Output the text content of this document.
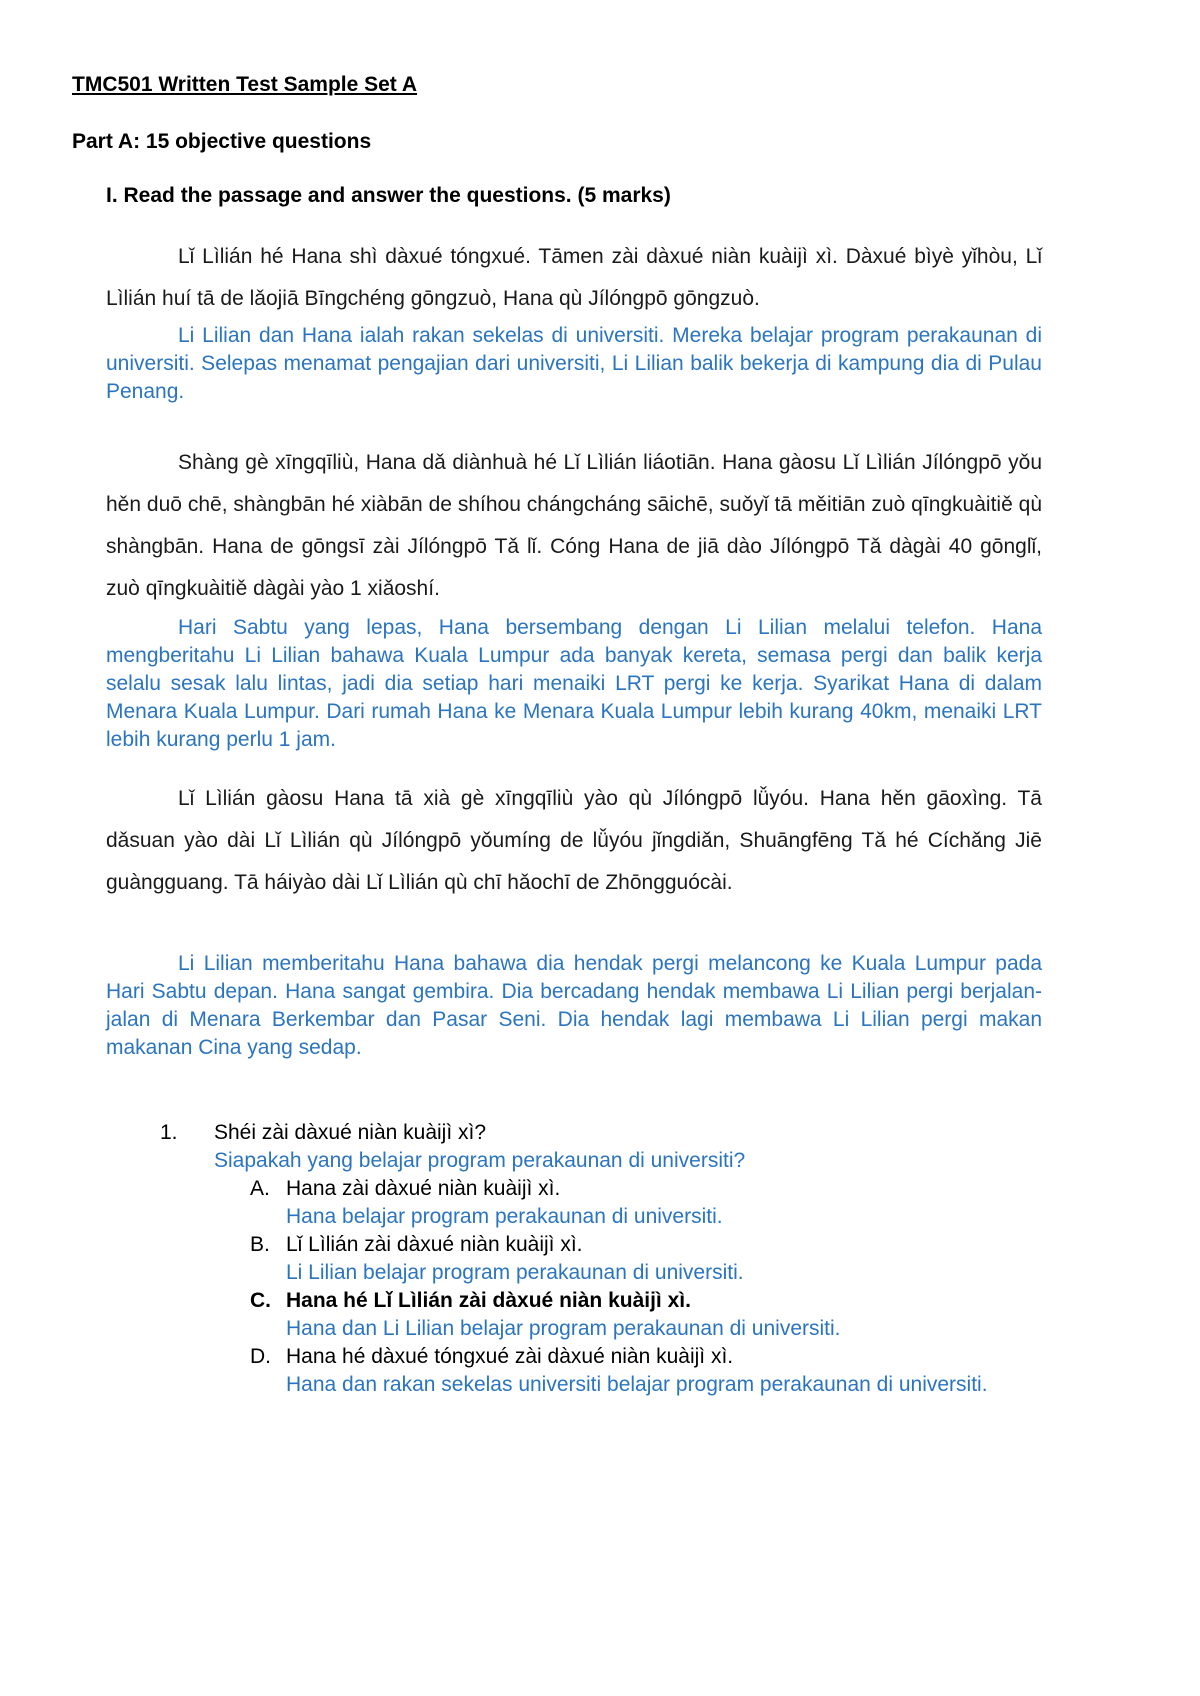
TMC501 Written Test Sample Set A
Part A: 15 objective questions
I. Read the passage and answer the questions. (5 marks)

Lǐ Lìlián hé Hana shì dàxué tóngxué. Tāmen zài dàxué niàn kuàijì xì. Dàxué bìyè yǐhòu, Lǐ Lìlián huí tā de lǎojiā Bīngchéng gōngzuò, Hana qù Jílóngpō gōngzuò.

Li Lilian dan Hana ialah rakan sekelas di universiti. Mereka belajar program perakaunan di universiti. Selepas menamat pengajian dari universiti, Li Lilian balik bekerja di kampung dia di Pulau Penang.

Shàng gè xīngqīliù, Hana dǎ diànhuà hé Lǐ Lìlián liáotiān. Hana gàosu Lǐ Lìlián Jílóngpō yǒu hěn duō chē, shàngbān hé xiàbān de shíhou chángcháng sāichē, suǒyǐ tā měitiān zuò qīngkuàitiě qù shàngbān. Hana de gōngsī zài Jílóngpō Tǎ lǐ. Cóng Hana de jiā dào Jílóngpō Tǎ dàgài 40 gōnglǐ, zuò qīngkuàitiě dàgài yào 1 xiǎoshí.

Hari Sabtu yang lepas, Hana bersembang dengan Li Lilian melalui telefon. Hana mengberitahu Li Lilian bahawa Kuala Lumpur ada banyak kereta, semasa pergi dan balik kerja selalu sesak lalu lintas, jadi dia setiap hari menaiki LRT pergi ke kerja. Syarikat Hana di dalam Menara Kuala Lumpur. Dari rumah Hana ke Menara Kuala Lumpur lebih kurang 40km, menaiki LRT lebih kurang perlu 1 jam.

Lǐ Lìlián gàosu Hana tā xià gè xīngqīliù yào qù Jílóngpō lǚyóu. Hana hěn gāoxìng. Tā dǎsuan yào dài Lǐ Lìlián qù Jílóngpō yǒumíng de lǚyóu jǐngdiǎn, Shuāngfēng Tǎ hé Cíchǎng Jiē guàngguang. Tā háiyào dài Lǐ Lìlián qù chī hǎochī de Zhōngguócài.

Li Lilian memberitahu Hana bahawa dia hendak pergi melancong ke Kuala Lumpur pada Hari Sabtu depan. Hana sangat gembira. Dia bercadang hendak membawa Li Lilian pergi berjalan-jalan di Menara Berkembar dan Pasar Seni. Dia hendak lagi membawa Li Lilian pergi makan makanan Cina yang sedap.

1. Shéi zài dàxué niàn kuàijì xì?
Siapakah yang belajar program perakaunan di universiti?
A. Hana zài dàxué niàn kuàijì xì.
Hana belajar program perakaunan di universiti.
B. Lǐ Lìlián zài dàxué niàn kuàijì xì.
Li Lilian belajar program perakaunan di universiti.
C. Hana hé Lǐ Lìlián zài dàxué niàn kuàijì xì.
Hana dan Li Lilian belajar program perakaunan di universiti.
D. Hana hé dàxué tóngxué zài dàxué niàn kuàijì xì.
Hana dan rakan sekelas universiti belajar program perakaunan di universiti.
